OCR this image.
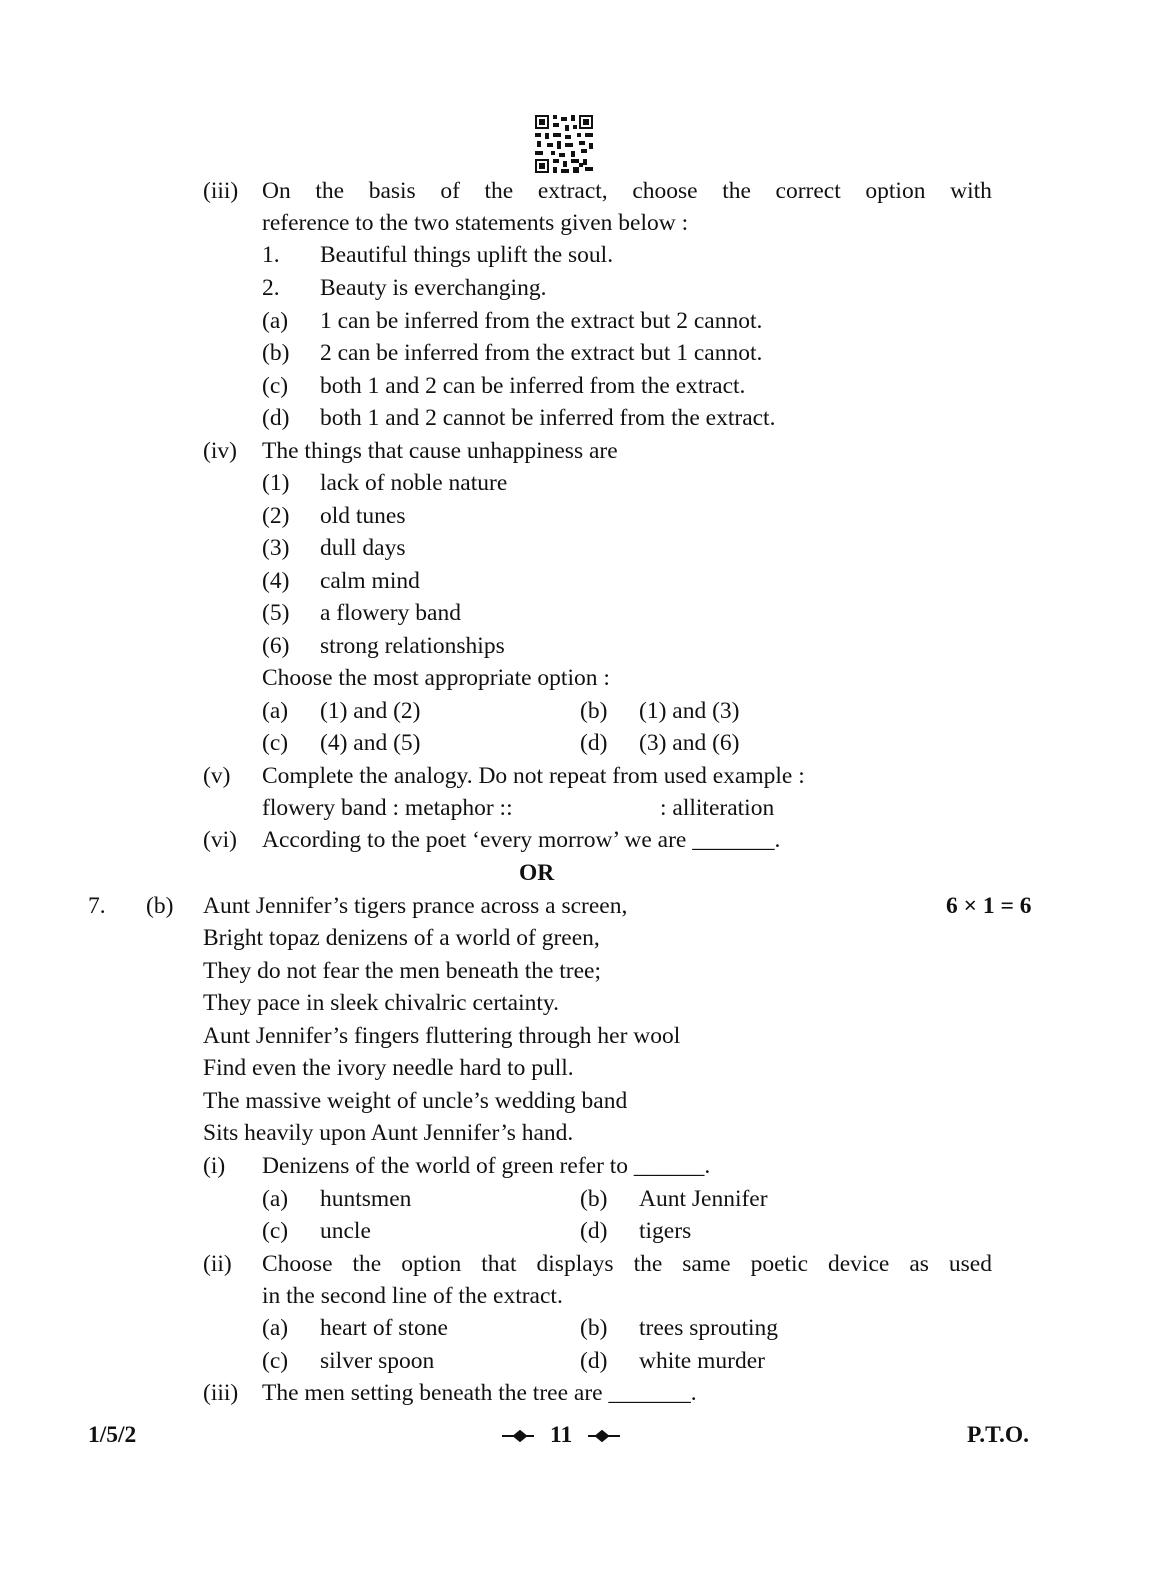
(iii) On the basis of the extract, choose the correct option with
reference to the two statements given below :
1. Beautiful things uplift the soul.
2. Beauty is everchanging.
(a) 1 can be inferred from the extract but 2 cannot.
(b) 2 can be inferred from the extract but 1 cannot.
(c) both 1 and 2 can be inferred from the extract.
(d) both 1 and 2 cannot be inferred from the extract.
(iv) The things that cause unhappiness are
(1) lack of noble nature
(2) old tunes
(3) dull days
(4) calm mind
(5) a flowery band
(6) strong relationships
Choose the most appropriate option :
(a) (1) and (2)	(b) (1) and (3)
(c) (4) and (5)	(d) (3) and (6)
(v) Complete the analogy. Do not repeat from used example :
flowery band : metaphor ::	: alliteration
(vi) According to the poet ‘every morrow’ we are _______.
OR
7. (b)	6 × 1 = 6
Aunt Jennifer’s tigers prance across a screen,
Bright topaz denizens of a world of green,
They do not fear the men beneath the tree;
They pace in sleek chivalric certainty.
Aunt Jennifer’s fingers fluttering through her wool
Find even the ivory needle hard to pull.
The massive weight of uncle’s wedding band
Sits heavily upon Aunt Jennifer’s hand.
(i) Denizens of the world of green refer to ______.
(a) huntsmen	(b) Aunt Jennifer
(c) uncle	(d) tigers
(ii) Choose the option that displays the same poetic device as used
in the second line of the extract.
(a) heart of stone	(b) trees sprouting
(c) silver spoon	(d) white murder
(iii) The men setting beneath the tree are _______.
1/5/2	11	P.T.O.
